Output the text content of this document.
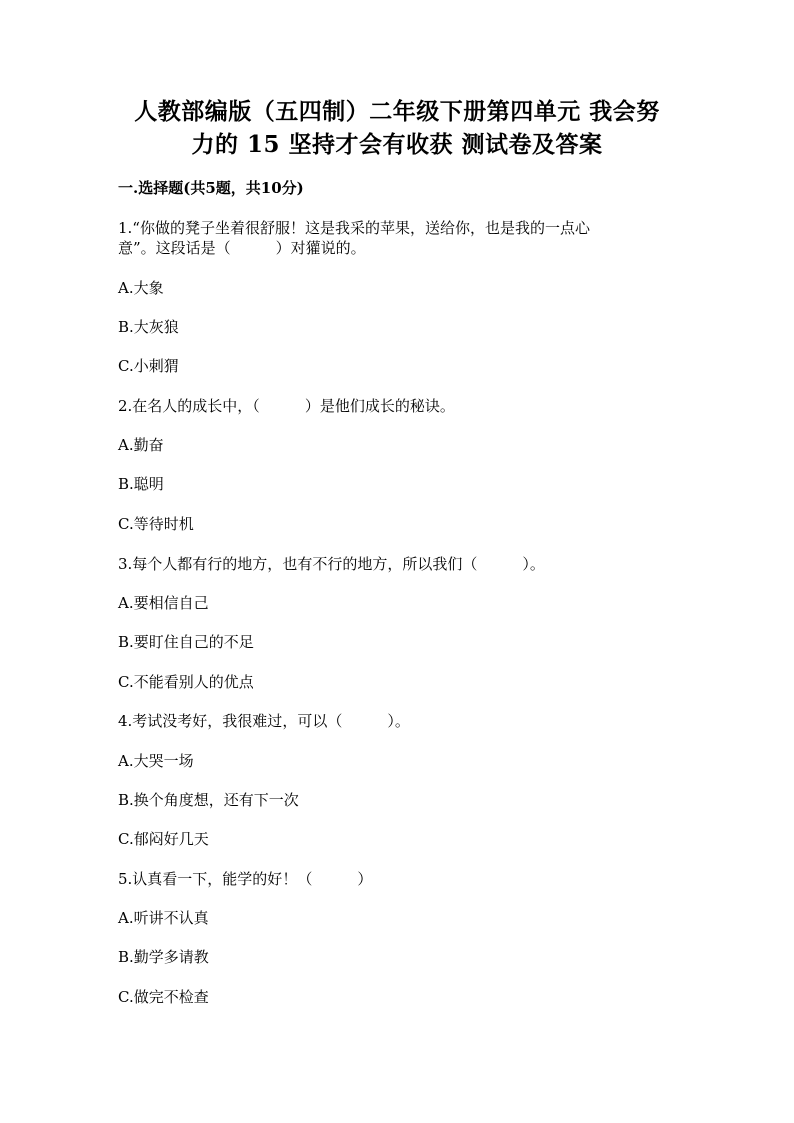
人教部编版（五四制）二年级下册第四单元 我会努
力的 15 坚持才会有收获 测试卷及答案
一.选择题(共5题，共10分)
1.“你做的凳子坐着很舒服！这是我采的苹果，送给你，也是我的一点心
意”。这段话是（　　　）对獾说的。
A.大象
B.大灰狼
C.小刺猬
2.在名人的成长中，（　　　）是他们成长的秘诀。
A.勤奋
B.聪明
C.等待时机
3.每个人都有行的地方，也有不行的地方，所以我们（　　　）。
A.要相信自己
B.要盯住自己的不足
C.不能看别人的优点
4.考试没考好，我很难过，可以（　　　）。
A.大哭一场
B.换个角度想，还有下一次
C.郁闷好几天
5.认真看一下，能学的好！（　　　）
A.听讲不认真
B.勤学多请教
C.做完不检查
